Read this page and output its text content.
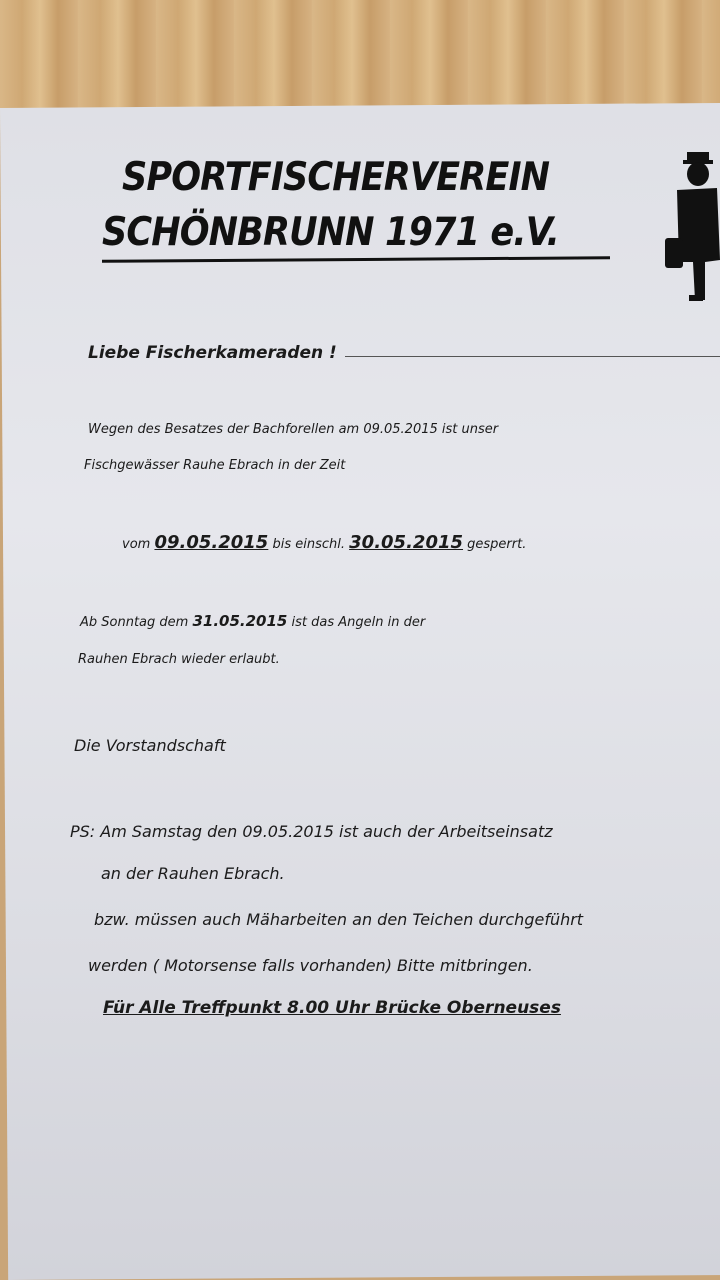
SPORTFISCHERVEREIN
SCHÖNBRUNN 1971 e.V.
Liebe Fischerkameraden !
Wegen des Besatzes der Bachforellen am 09.05.2015 ist unser
Fischgewässer Rauhe Ebrach in der Zeit
vom 09.05.2015 bis einschl. 30.05.2015 gesperrt.
Ab Sonntag dem 31.05.2015 ist das Angeln in der
Rauhen Ebrach wieder erlaubt.
Die Vorstandschaft
PS: Am Samstag den 09.05.2015 ist auch der Arbeitseinsatz
an der Rauhen Ebrach.
bzw. müssen auch Mäharbeiten an den Teichen durchgeführt
werden ( Motorsense falls vorhanden) Bitte mitbringen.
Für Alle Treffpunkt 8.00 Uhr Brücke Oberneuses
